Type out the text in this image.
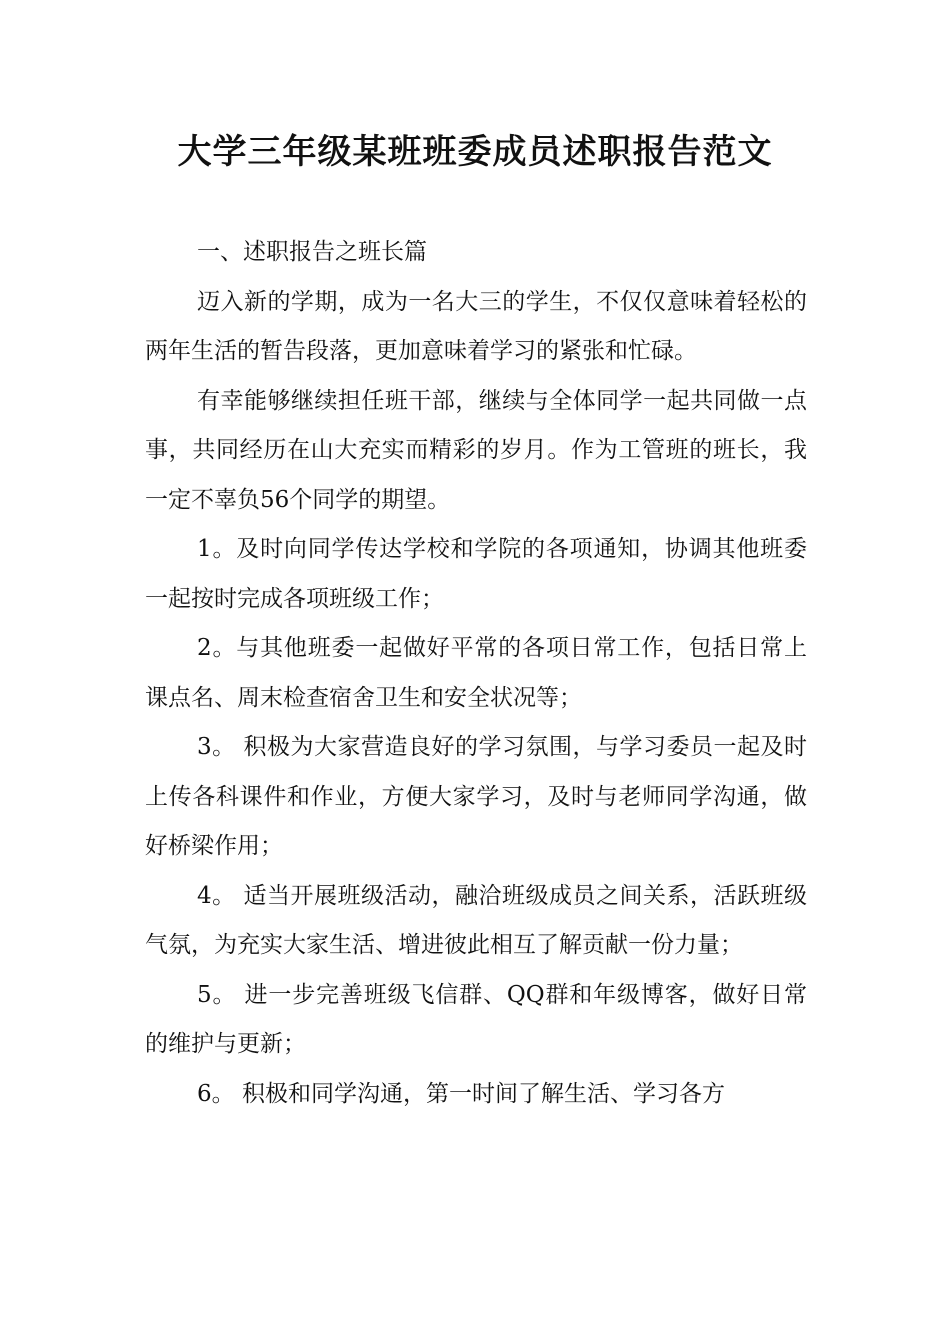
大学三年级某班班委成员述职报告范文

一、述职报告之班长篇

迈入新的学期，成为一名大三的学生，不仅仅意味着轻松的两年生活的暂告段落，更加意味着学习的紧张和忙碌。

有幸能够继续担任班干部，继续与全体同学一起共同做一点事，共同经历在山大充实而精彩的岁月。作为工管班的班长，我一定不辜负56个同学的期望。

1。及时向同学传达学校和学院的各项通知，协调其他班委一起按时完成各项班级工作；

2。与其他班委一起做好平常的各项日常工作，包括日常上课点名、周末检查宿舍卫生和安全状况等；

3。 积极为大家营造良好的学习氛围，与学习委员一起及时上传各科课件和作业，方便大家学习，及时与老师同学沟通，做好桥梁作用；

4。 适当开展班级活动，融洽班级成员之间关系，活跃班级气氛，为充实大家生活、增进彼此相互了解贡献一份力量；

5。 进一步完善班级飞信群、QQ群和年级博客，做好日常的维护与更新；

6。 积极和同学沟通，第一时间了解生活、学习各方
